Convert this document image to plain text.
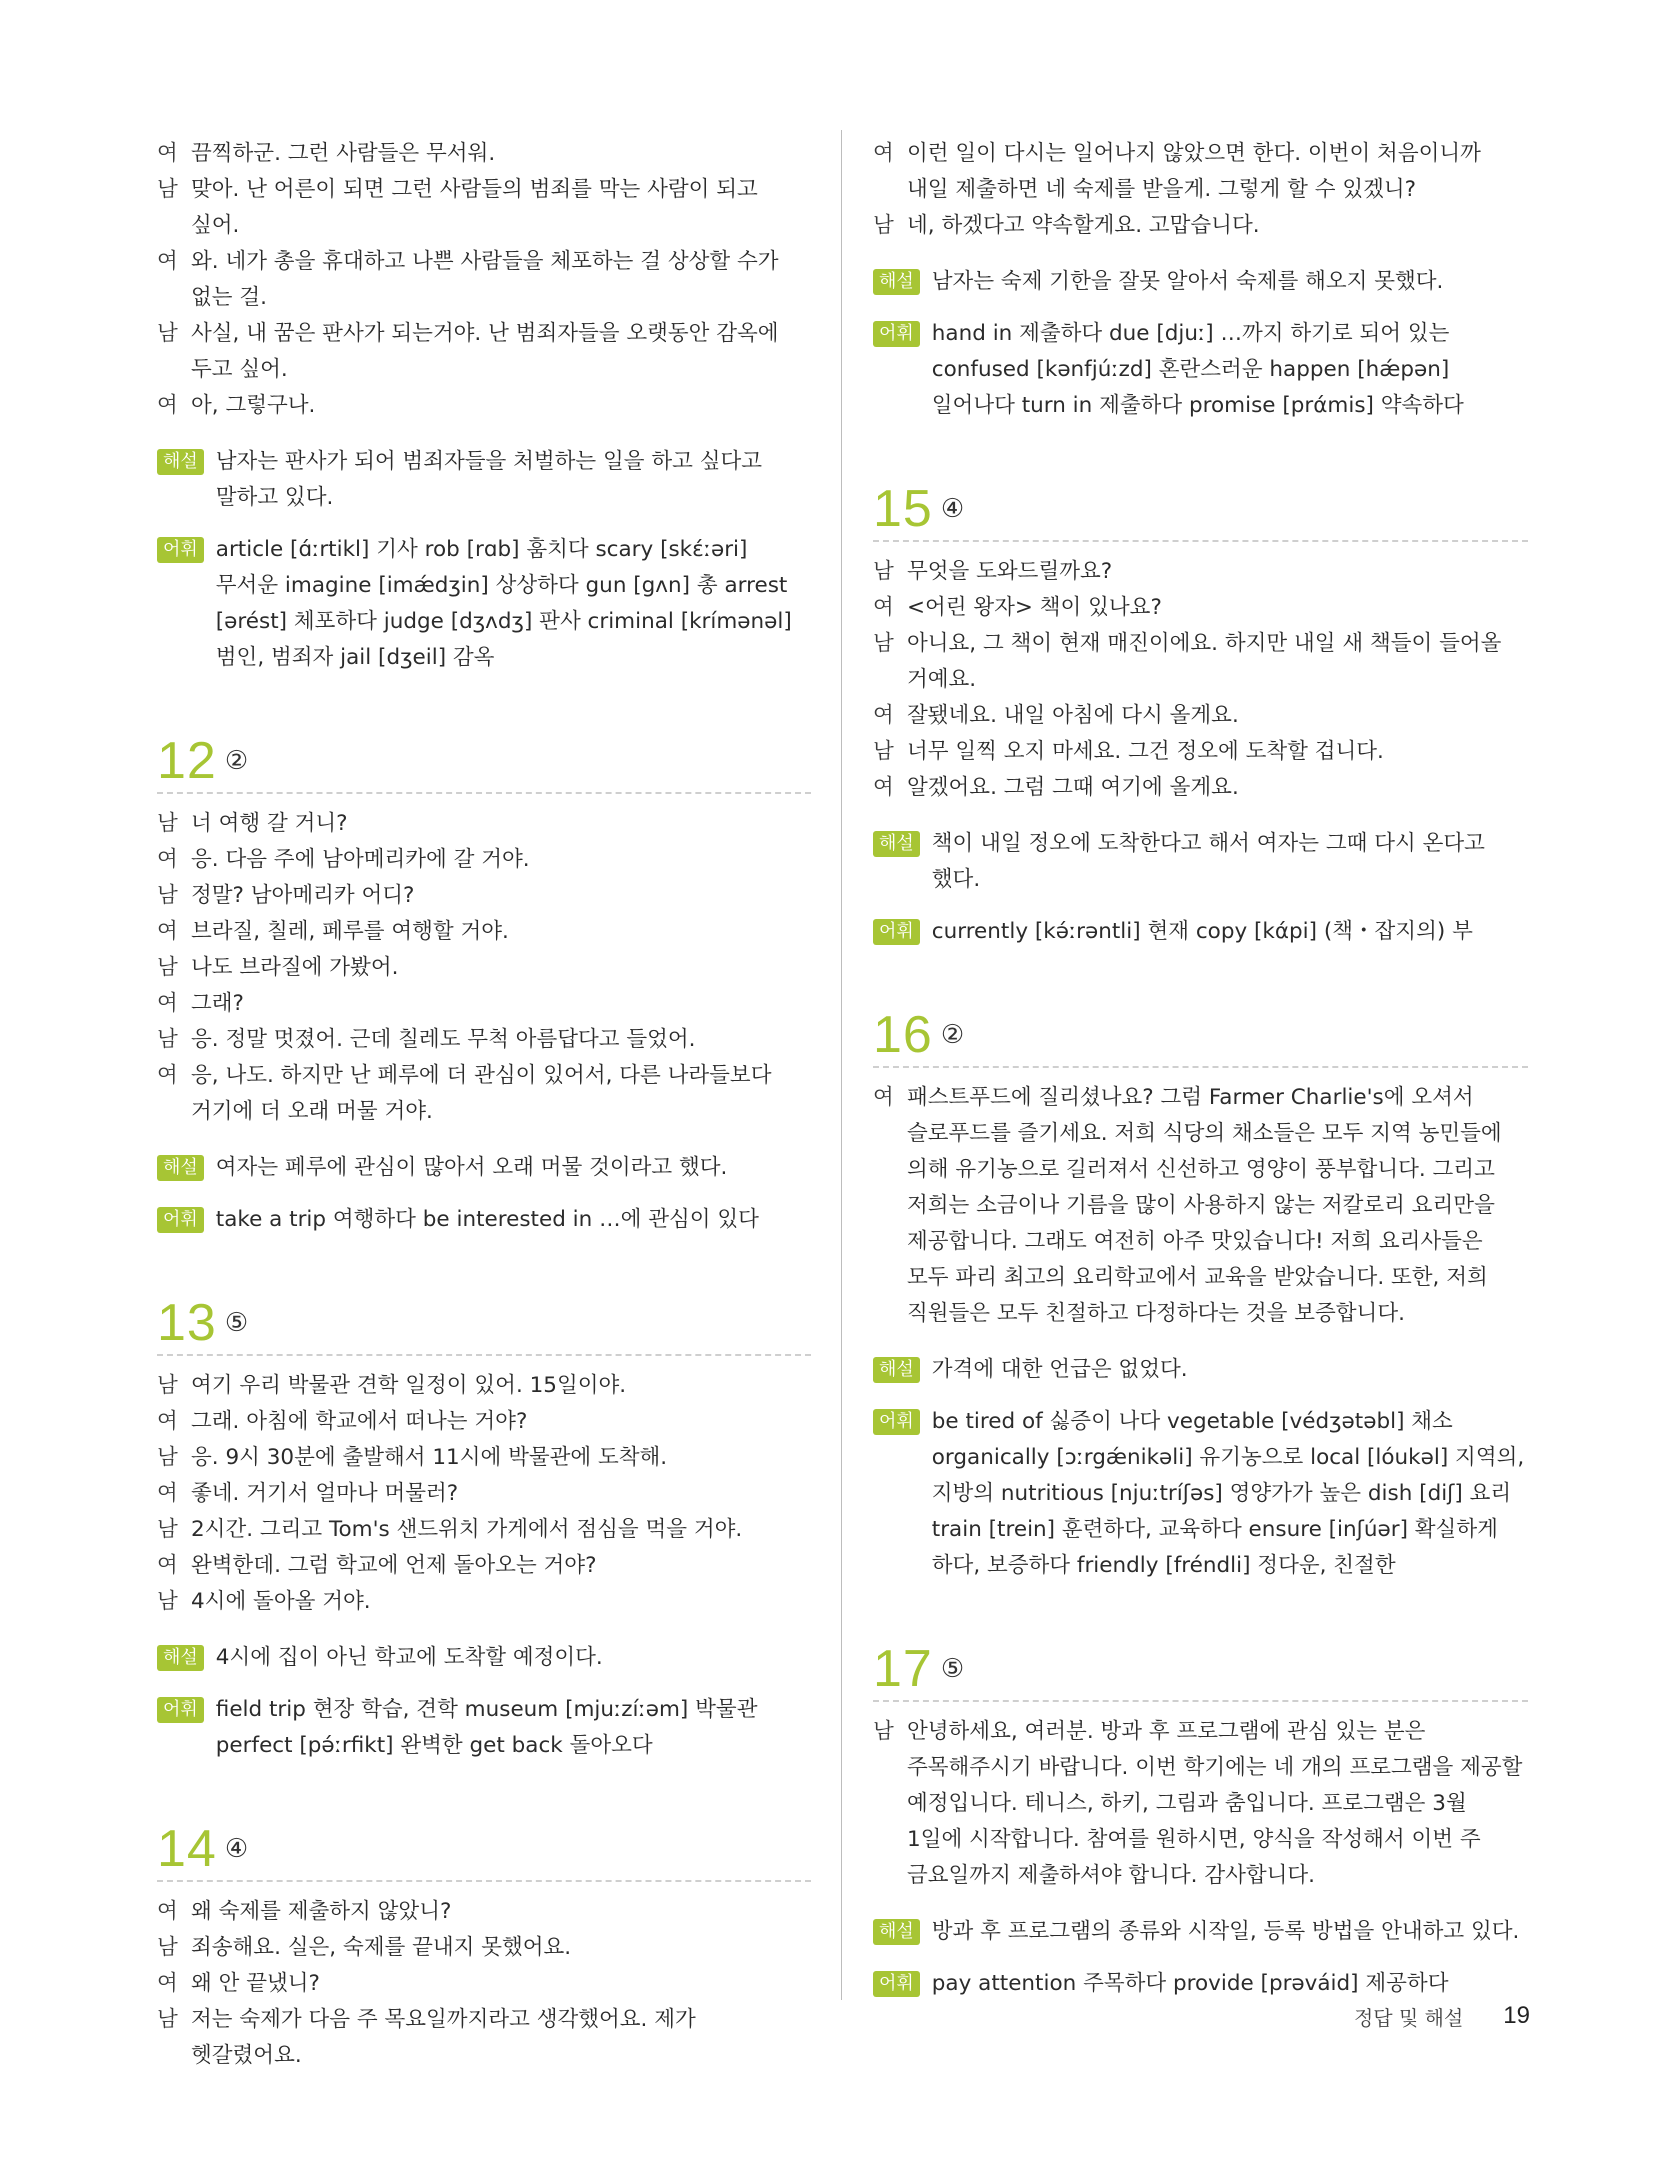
여 끔찍하군. 그런 사람들은 무서워.
남 맞아. 난 어른이 되면 그런 사람들의 범죄를 막는 사람이 되고 싶어.
여 와. 네가 총을 휴대하고 나쁜 사람들을 체포하는 걸 상상할 수가 없는 걸.
남 사실, 내 꿈은 판사가 되는거야. 난 범죄자들을 오랫동안 감옥에 두고 싶어.
여 아, 그렇구나.
해설 남자는 판사가 되어 범죄자들을 처벌하는 일을 하고 싶다고 말하고 있다.
어휘 article [ɑ́ːrtikl] 기사 rob [rɑb] 훔치다 scary [skɛ́ːəri] 무서운 imagine [imǽdʒin] 상상하다 gun [gʌn] 총 arrest [ərést] 체포하다 judge [dʒʌdʒ] 판사 criminal [krímənəl] 범인, 범죄자 jail [dʒeil] 감옥
12 ②
남 너 여행 갈 거니?
여 응. 다음 주에 남아메리카에 갈 거야.
남 정말? 남아메리카 어디?
여 브라질, 칠레, 페루를 여행할 거야.
남 나도 브라질에 가봤어.
여 그래?
남 응. 정말 멋졌어. 근데 칠레도 무척 아름답다고 들었어.
여 응, 나도. 하지만 난 페루에 더 관심이 있어서, 다른 나라들보다 거기에 더 오래 머물 거야.
해설 여자는 페루에 관심이 많아서 오래 머물 것이라고 했다.
어휘 take a trip 여행하다 be interested in …에 관심이 있다
13 ⑤
남 여기 우리 박물관 견학 일정이 있어. 15일이야.
여 그래. 아침에 학교에서 떠나는 거야?
남 응. 9시 30분에 출발해서 11시에 박물관에 도착해.
여 좋네. 거기서 얼마나 머물러?
남 2시간. 그리고 Tom's 샌드위치 가게에서 점심을 먹을 거야.
여 완벽한데. 그럼 학교에 언제 돌아오는 거야?
남 4시에 돌아올 거야.
해설 4시에 집이 아닌 학교에 도착할 예정이다.
어휘 field trip 현장 학습, 견학 museum [mjuːzíːəm] 박물관 perfect [pə́ːrfikt] 완벽한 get back 돌아오다
14 ④
여 왜 숙제를 제출하지 않았니?
남 죄송해요. 실은, 숙제를 끝내지 못했어요.
여 왜 안 끝냈니?
남 저는 숙제가 다음 주 목요일까지라고 생각했어요. 제가 헷갈렸어요.
여 이런 일이 다시는 일어나지 않았으면 한다. 이번이 처음이니까 내일 제출하면 네 숙제를 받을게. 그렇게 할 수 있겠니?
남 네, 하겠다고 약속할게요. 고맙습니다.
해설 남자는 숙제 기한을 잘못 알아서 숙제를 해오지 못했다.
어휘 hand in 제출하다 due [djuː] …까지 하기로 되어 있는 confused [kənfjúːzd] 혼란스러운 happen [hǽpən] 일어나다 turn in 제출하다 promise [prάmis] 약속하다
15 ④
남 무엇을 도와드릴까요?
여 <어린 왕자> 책이 있나요?
남 아니요, 그 책이 현재 매진이에요. 하지만 내일 새 책들이 들어올 거예요.
여 잘됐네요. 내일 아침에 다시 올게요.
남 너무 일찍 오지 마세요. 그건 정오에 도착할 겁니다.
여 알겠어요. 그럼 그때 여기에 올게요.
해설 책이 내일 정오에 도착한다고 해서 여자는 그때 다시 온다고 했다.
어휘 currently [kə́ːrəntli] 현재 copy [kάpi] (책・잡지의) 부
16 ②
여 패스트푸드에 질리셨나요? 그럼 Farmer Charlie's에 오셔서 슬로푸드를 즐기세요. 저희 식당의 채소들은 모두 지역 농민들에 의해 유기농으로 길러져서 신선하고 영양이 풍부합니다. 그리고 저희는 소금이나 기름을 많이 사용하지 않는 저칼로리 요리만을 제공합니다. 그래도 여전히 아주 맛있습니다! 저희 요리사들은 모두 파리 최고의 요리학교에서 교육을 받았습니다. 또한, 저희 직원들은 모두 친절하고 다정하다는 것을 보증합니다.
해설 가격에 대한 언급은 없었다.
어휘 be tired of 싫증이 나다 vegetable [védʒətəbl] 채소 organically [ɔːrgǽnikəli] 유기농으로 local [lóukəl] 지역의, 지방의 nutritious [njuːtríʃəs] 영양가가 높은 dish [diʃ] 요리 train [trein] 훈련하다, 교육하다 ensure [inʃúər] 확실하게 하다, 보증하다 friendly [fréndli] 정다운, 친절한
17 ⑤
남 안녕하세요, 여러분. 방과 후 프로그램에 관심 있는 분은 주목해주시기 바랍니다. 이번 학기에는 네 개의 프로그램을 제공할 예정입니다. 테니스, 하키, 그림과 춤입니다. 프로그램은 3월 1일에 시작합니다. 참여를 원하시면, 양식을 작성해서 이번 주 금요일까지 제출하셔야 합니다. 감사합니다.
해설 방과 후 프로그램의 종류와 시작일, 등록 방법을 안내하고 있다.
어휘 pay attention 주목하다 provide [prəváid] 제공하다
정답 및 해설 19
